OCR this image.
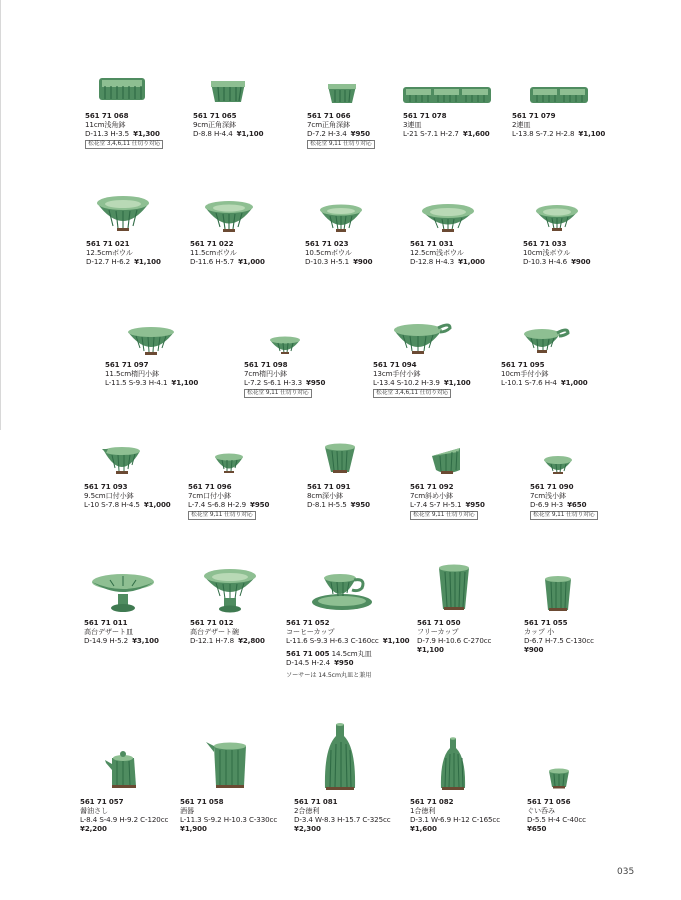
561 71 068
11cm浅角鉢
D-11.3 H-3.5 ¥1,300
松花堂 3,4,6,11 仕切り対応
561 71 065
9cm正角深鉢
D-8.8 H-4.4 ¥1,100
561 71 066
7cm正角深鉢
D-7.2 H-3.4 ¥950
松花堂 9,11 仕切り対応
561 71 078
3連皿
L-21 S-7.1 H-2.7 ¥1,600
561 71 079
2連皿
L-13.8 S-7.2 H-2.8 ¥1,100
561 71 021
12.5cmボウル
D-12.7 H-6.2 ¥1,100
561 71 022
11.5cmボウル
D-11.6 H-5.7 ¥1,000
561 71 023
10.5cmボウル
D-10.3 H-5.1 ¥900
561 71 031
12.5cm浅ボウル
D-12.8 H-4.3 ¥1,000
561 71 033
10cm浅ボウル
D-10.3 H-4.6 ¥900
561 71 097
11.5cm楕円小鉢
L-11.5 S-9.3 H-4.1 ¥1,100
561 71 098
7cm楕円小鉢
L-7.2 S-6.1 H-3.3 ¥950
松花堂 9,11 仕切り対応
561 71 094
13cm手付小鉢
L-13.4 S-10.2 H-3.9 ¥1,100
松花堂 3,4,6,11 仕切り対応
561 71 095
10cm手付小鉢
L-10.1 S-7.6 H-4 ¥1,000
561 71 093
9.5cm口付小鉢
L-10 S-7.8 H-4.5 ¥1,000
561 71 096
7cm口付小鉢
L-7.4 S-6.8 H-2.9 ¥950
松花堂 9,11 仕切り対応
561 71 091
8cm深小鉢
D-8.1 H-5.5 ¥950
561 71 092
7cm斜め小鉢
L-7.4 S-7 H-5.1 ¥950
松花堂 9,11 仕切り対応
561 71 090
7cm浅小鉢
D-6.9 H-3 ¥650
松花堂 9,11 仕切り対応
561 71 011
高台デザート皿
D-14.9 H-5.2 ¥3,100
561 71 012
高台デザート碗
D-12.1 H-7.8 ¥2,800
561 71 052
コーヒーカップ
L-11.6 S-9.3 H-6.3 C-160cc ¥1,100
561 71 005 14.5cm丸皿
D-14.5 H-2.4 ¥950
ソーサーは 14.5cm丸皿と兼用
561 71 050
フリーカップ
D-7.9 H-10.6 C-270cc
¥1,100
561 71 055
カップ 小
D-6.7 H-7.5 C-130cc
¥900
561 71 057
醤油さし
L-8.4 S-4.9 H-9.2 C-120cc
¥2,200
561 71 058
酒器
L-11.3 S-9.2 H-10.3 C-330cc
¥1,900
561 71 081
2合徳利
D-3.4 W-8.3 H-15.7 C-325cc
¥2,300
561 71 082
1合徳利
D-3.1 W-6.9 H-12 C-165cc
¥1,600
561 71 056
ぐい呑み
D-5.5 H-4 C-40cc
¥650
035
